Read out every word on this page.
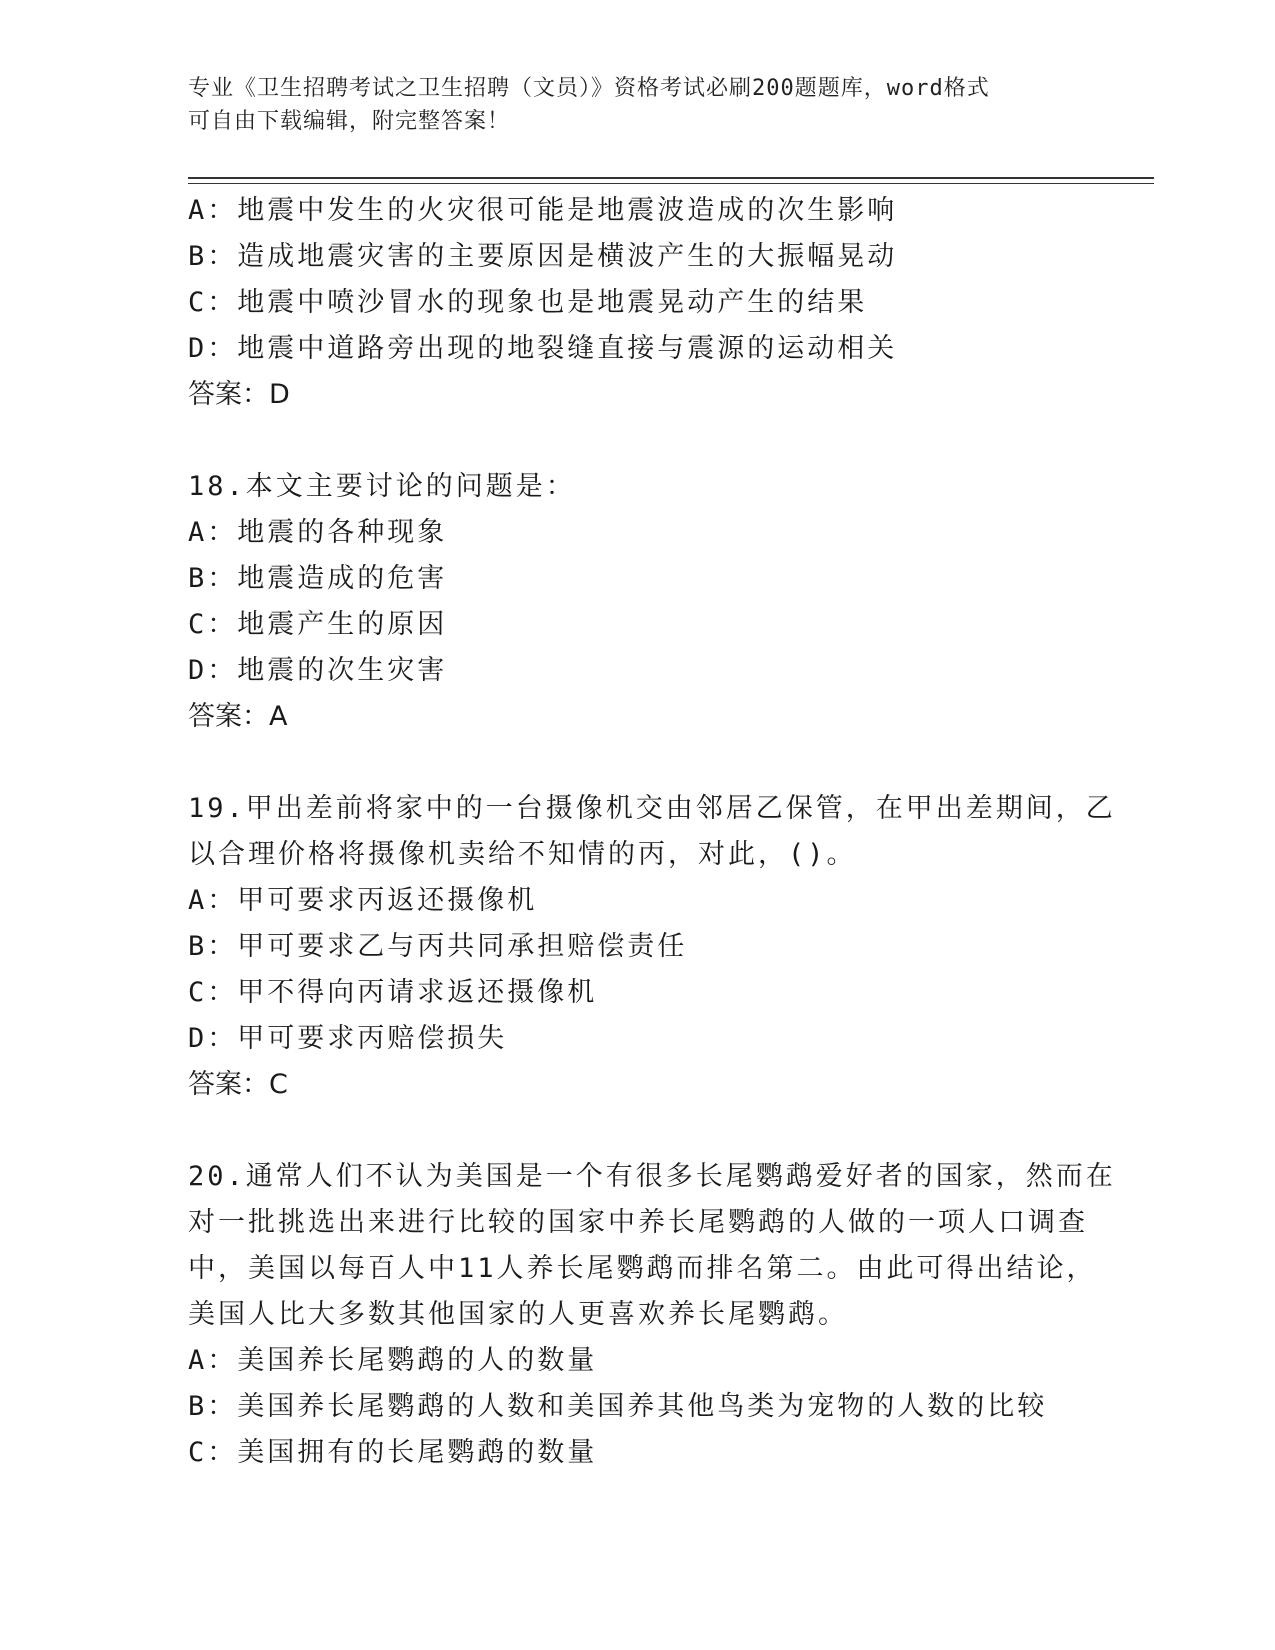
专业《卫生招聘考试之卫生招聘（文员）》资格考试必刷200题题库，word格式
可自由下载编辑，附完整答案！
A：地震中发生的火灾很可能是地震波造成的次生影响
B：造成地震灾害的主要原因是横波产生的大振幅晃动
C：地震中喷沙冒水的现象也是地震晃动产生的结果
D：地震中道路旁出现的地裂缝直接与震源的运动相关
答案：D
18.本文主要讨论的问题是：
A：地震的各种现象
B：地震造成的危害
C：地震产生的原因
D：地震的次生灾害
答案：A
19.甲出差前将家中的一台摄像机交由邻居乙保管，在甲出差期间，乙
以合理价格将摄像机卖给不知情的丙，对此，()。
A：甲可要求丙返还摄像机
B：甲可要求乙与丙共同承担赔偿责任
C：甲不得向丙请求返还摄像机
D：甲可要求丙赔偿损失
答案：C
20.通常人们不认为美国是一个有很多长尾鹦鹉爱好者的国家，然而在
对一批挑选出来进行比较的国家中养长尾鹦鹉的人做的一项人口调查
中，美国以每百人中11人养长尾鹦鹉而排名第二。由此可得出结论，
美国人比大多数其他国家的人更喜欢养长尾鹦鹉。
A：美国养长尾鹦鹉的人的数量
B：美国养长尾鹦鹉的人数和美国养其他鸟类为宠物的人数的比较
C：美国拥有的长尾鹦鹉的数量
